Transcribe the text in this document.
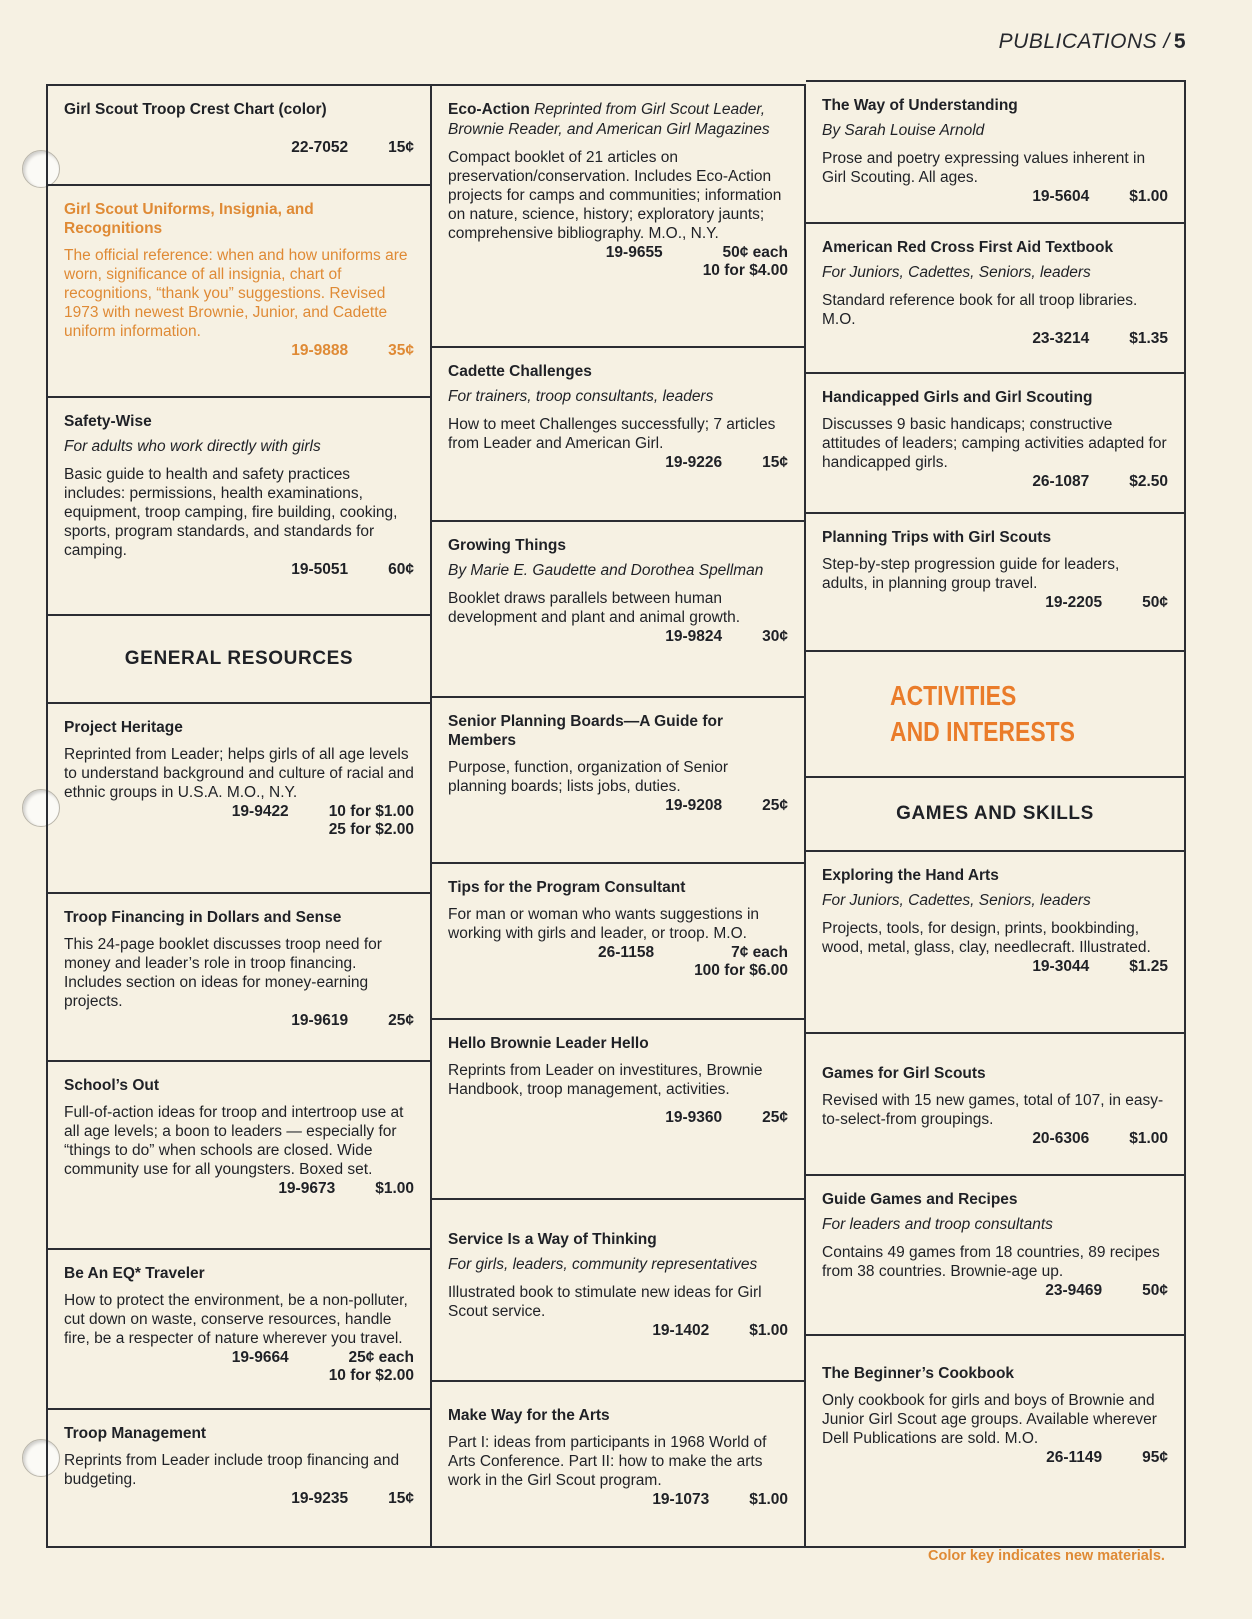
PUBLICATIONS / 5
Girl Scout Troop Crest Chart (color)
22-7052	15¢
Girl Scout Uniforms, Insignia, and Recognitions
The official reference: when and how uniforms are worn, significance of all insignia, chart of recognitions, “thank you” suggestions. Revised 1973 with newest Brownie, Junior, and Cadette uniform information.
19-9888	35¢
Safety-Wise
For adults who work directly with girls
Basic guide to health and safety practices includes: permissions, health examinations, equipment, troop camping, fire building, cooking, sports, program standards, and standards for camping.
19-5051	60¢
GENERAL RESOURCES
Project Heritage
Reprinted from Leader; helps girls of all age levels to understand background and culture of racial and ethnic groups in U.S.A. M.O., N.Y.
19-9422	10 for $1.00
25 for $2.00
Troop Financing in Dollars and Sense
This 24-page booklet discusses troop need for money and leader’s role in troop financing. Includes section on ideas for money-earning projects.
19-9619	25¢
School’s Out
Full-of-action ideas for troop and intertroop use at all age levels; a boon to leaders — especially for “things to do” when schools are closed. Wide community use for all youngsters. Boxed set.
19-9673	$1.00
Be An EQ* Traveler
How to protect the environment, be a non-polluter, cut down on waste, conserve resources, handle fire, be a respecter of nature wherever you travel.
19-9664	25¢ each
10 for $2.00
Troop Management
Reprints from Leader include troop financing and budgeting.
19-9235	15¢
Eco-Action Reprinted from Girl Scout Leader, Brownie Reader, and American Girl Magazines
Compact booklet of 21 articles on preservation/conservation. Includes Eco-Action projects for camps and communities; information on nature, science, history; exploratory jaunts; comprehensive bibliography. M.O., N.Y.
19-9655	50¢ each
10 for $4.00
Cadette Challenges
For trainers, troop consultants, leaders
How to meet Challenges successfully; 7 articles from Leader and American Girl.
19-9226	15¢
Growing Things
By Marie E. Gaudette and Dorothea Spellman
Booklet draws parallels between human development and plant and animal growth.
19-9824	30¢
Senior Planning Boards—A Guide for Members
Purpose, function, organization of Senior planning boards; lists jobs, duties.
19-9208	25¢
Tips for the Program Consultant
For man or woman who wants suggestions in working with girls and leader, or troop. M.O.
26-1158	7¢ each
100 for $6.00
Hello Brownie Leader Hello
Reprints from Leader on investitures, Brownie Handbook, troop management, activities.
19-9360	25¢
Service Is a Way of Thinking
For girls, leaders, community representatives
Illustrated book to stimulate new ideas for Girl Scout service.
19-1402	$1.00
Make Way for the Arts
Part I: ideas from participants in 1968 World of Arts Conference. Part II: how to make the arts work in the Girl Scout program.
19-1073	$1.00
The Way of Understanding
By Sarah Louise Arnold
Prose and poetry expressing values inherent in Girl Scouting. All ages.
19-5604	$1.00
American Red Cross First Aid Textbook
For Juniors, Cadettes, Seniors, leaders
Standard reference book for all troop libraries. M.O.
23-3214	$1.35
Handicapped Girls and Girl Scouting
Discusses 9 basic handicaps; constructive attitudes of leaders; camping activities adapted for handicapped girls.
26-1087	$2.50
Planning Trips with Girl Scouts
Step-by-step progression guide for leaders, adults, in planning group travel.
19-2205	50¢
ACTIVITIES
AND INTERESTS
GAMES AND SKILLS
Exploring the Hand Arts
For Juniors, Cadettes, Seniors, leaders
Projects, tools, for design, prints, bookbinding, wood, metal, glass, clay, needlecraft. Illustrated.
19-3044	$1.25
Games for Girl Scouts
Revised with 15 new games, total of 107, in easy-to-select-from groupings.
20-6306	$1.00
Guide Games and Recipes
For leaders and troop consultants
Contains 49 games from 18 countries, 89 recipes from 38 countries. Brownie-age up.
23-9469	50¢
The Beginner’s Cookbook
Only cookbook for girls and boys of Brownie and Junior Girl Scout age groups. Available wherever Dell Publications are sold. M.O.
26-1149	95¢
Color key indicates new materials.
